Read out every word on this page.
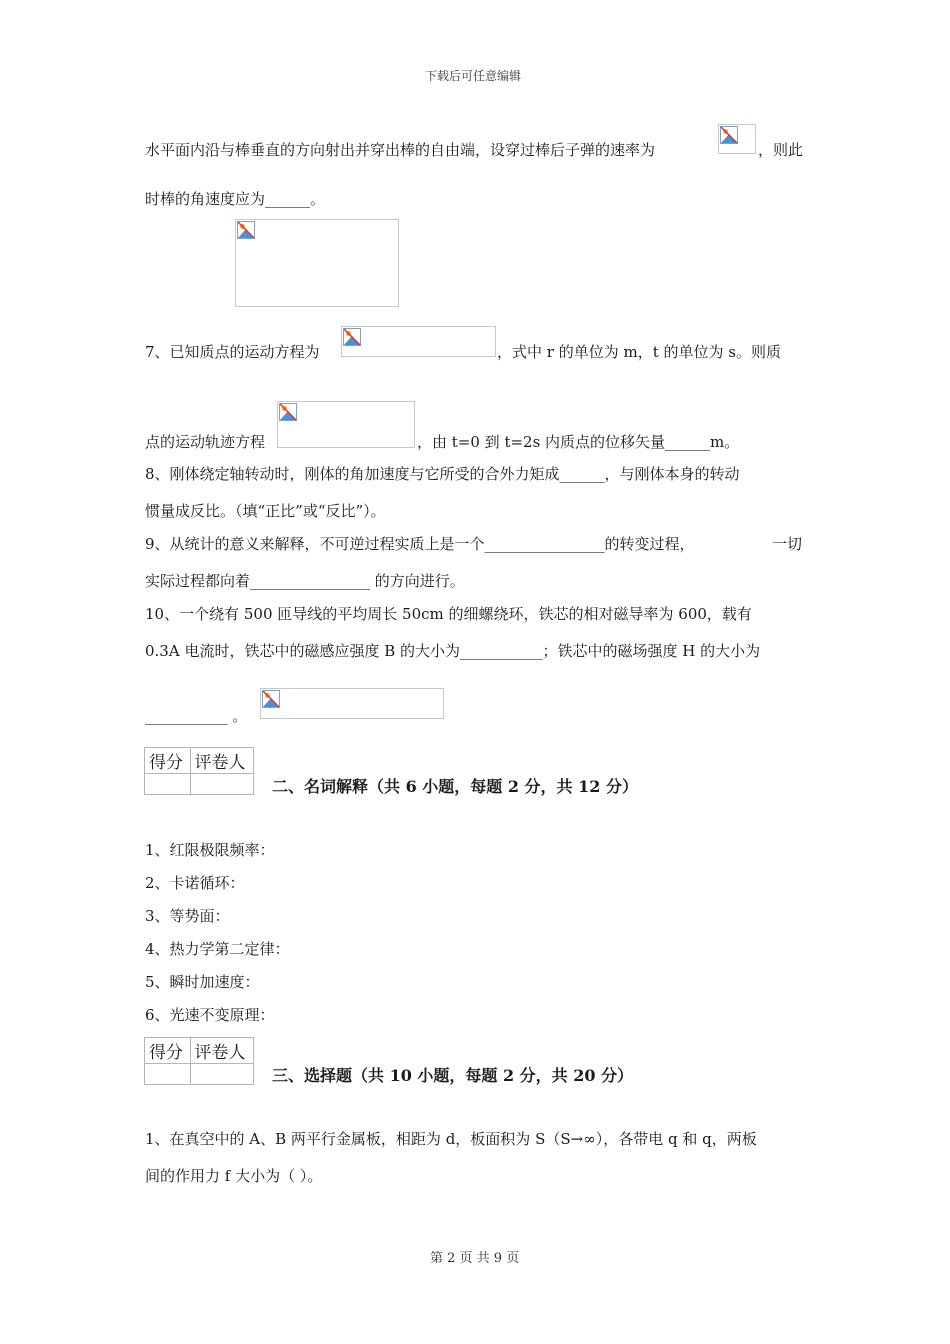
下载后可任意编辑
水平面内沿与棒垂直的方向射出并穿出棒的自由端，设穿过棒后子弹的速率为	，则此
时棒的角速度应为______。
7、已知质点的运动方程为	，式中 r 的单位为 m，t 的单位为 s。则质
点的运动轨迹方程	，由 t=0 到 t=2s 内质点的位移矢量______m。
8、刚体绕定轴转动时，刚体的角加速度与它所受的合外力矩成______，与刚体本身的转动
惯量成反比。（填“正比”或“反比”）。
9、从统计的意义来解释，不可逆过程实质上是一个________________的转变过程，	一切
实际过程都向着________________ 的方向进行。
10、一个绕有 500 匝导线的平均周长 50cm 的细螺绕环，铁芯的相对磁导率为 600，载有
0.3A 电流时，铁芯中的磁感应强度 B 的大小为___________；铁芯中的磁场强度 H 的大小为
___________ 。
得分	评卷人

二、名词解释（共 6 小题，每题 2 分，共 12 分）
1、红限极限频率：
2、卡诺循环：
3、等势面：
4、热力学第二定律：
5、瞬时加速度：
6、光速不变原理：
得分	评卷人

三、选择题（共 10 小题，每题 2 分，共 20 分）
1、在真空中的 A、B 两平行金属板，相距为 d，板面积为 S（S→∞），各带电 q 和 q，两板
间的作用力 f 大小为（ ）。
第 2 页 共 9 页
